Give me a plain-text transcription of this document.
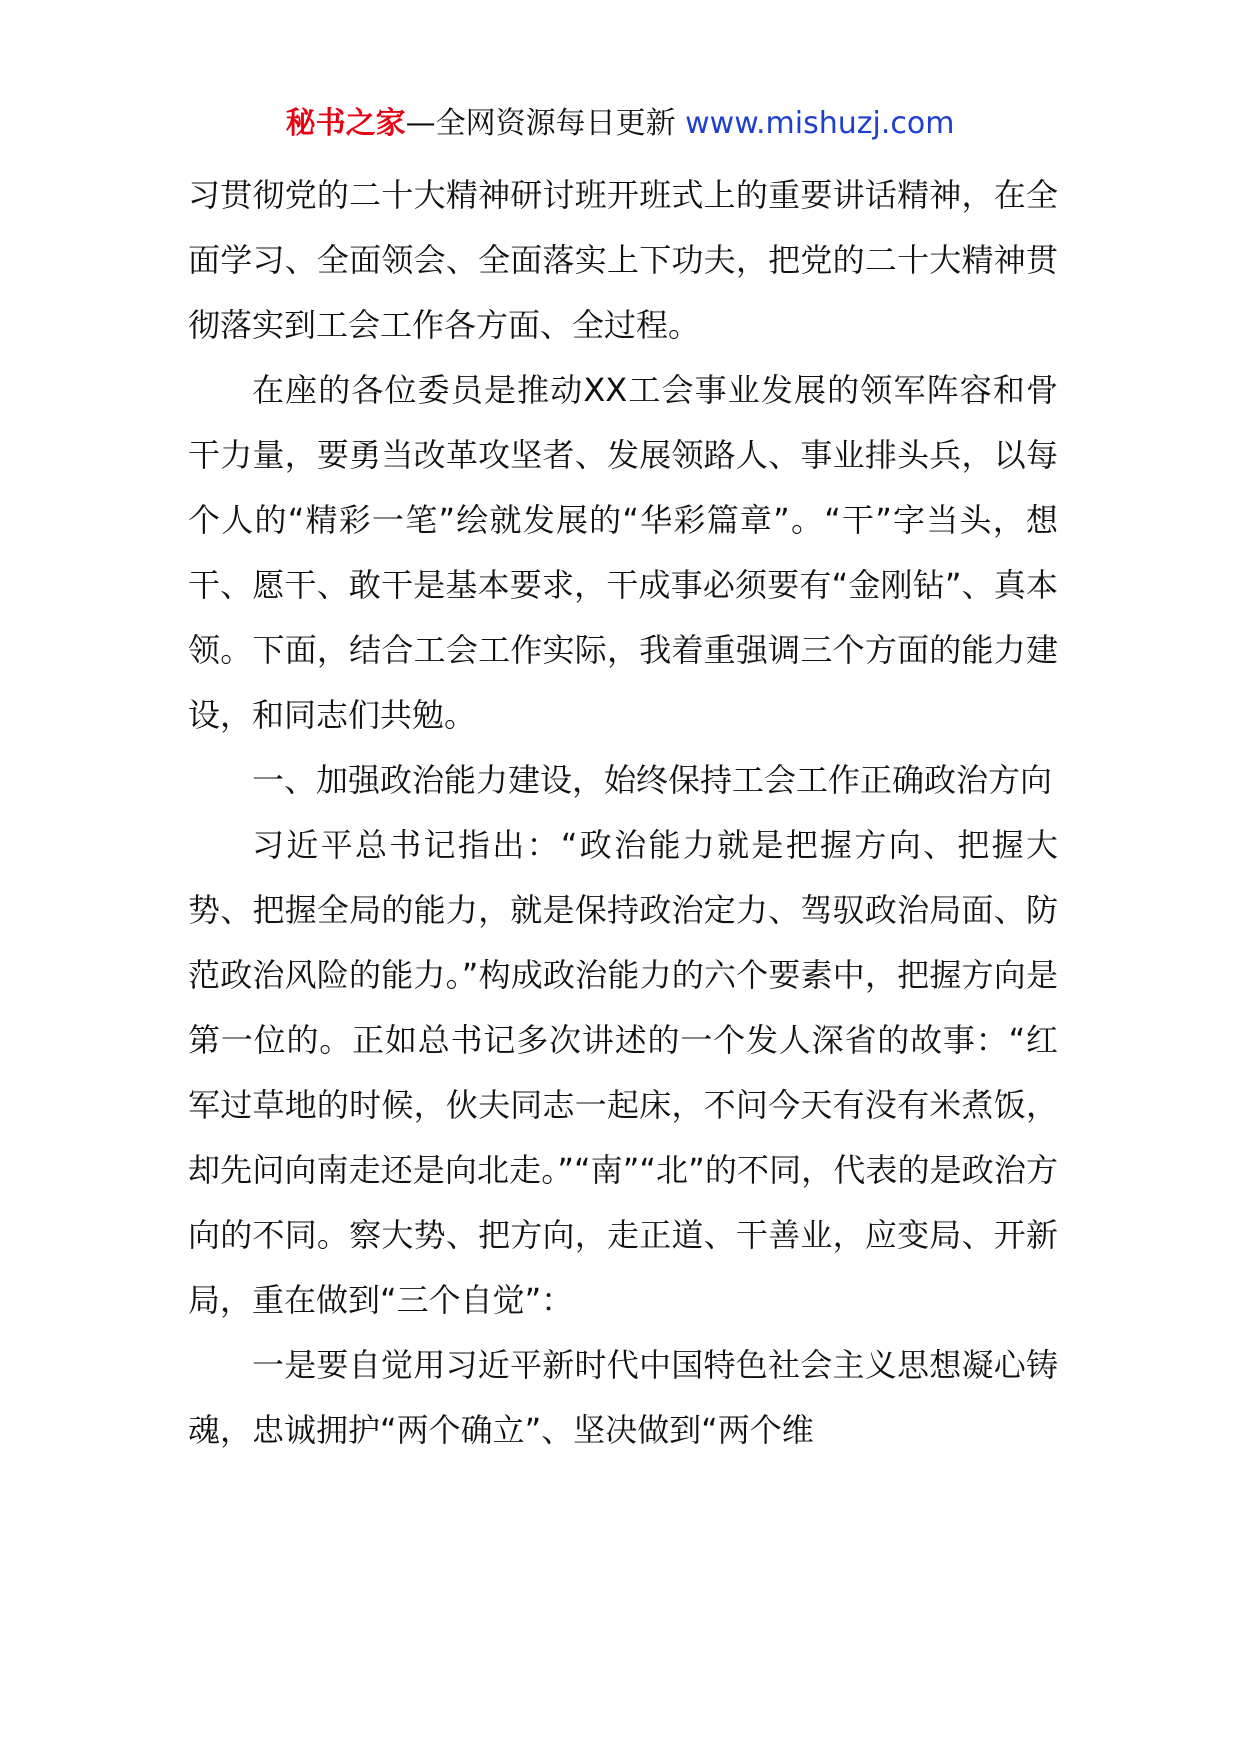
秘书之家—全网资源每日更新 www.mishuzj.com

习贯彻党的二十大精神研讨班开班式上的重要讲话精神，在全面学习、全面领会、全面落实上下功夫，把党的二十大精神贯彻落实到工会工作各方面、全过程。

在座的各位委员是推动XX工会事业发展的领军阵容和骨干力量，要勇当改革攻坚者、发展领路人、事业排头兵，以每个人的“精彩一笔”绘就发展的“华彩篇章”。“干”字当头，想干、愿干、敢干是基本要求，干成事必须要有“金刚钻”、真本领。下面，结合工会工作实际，我着重强调三个方面的能力建设，和同志们共勉。

一、加强政治能力建设，始终保持工会工作正确政治方向

习近平总书记指出：“政治能力就是把握方向、把握大势、把握全局的能力，就是保持政治定力、驾驭政治局面、防范政治风险的能力。”构成政治能力的六个要素中，把握方向是第一位的。正如总书记多次讲述的一个发人深省的故事：“红军过草地的时候，伙夫同志一起床，不问今天有没有米煮饭，却先问向南走还是向北走。”“南”“北”的不同，代表的是政治方向的不同。察大势、把方向，走正道、干善业，应变局、开新局，重在做到“三个自觉”：

一是要自觉用习近平新时代中国特色社会主义思想凝心铸魂，忠诚拥护“两个确立”、坚决做到“两个维
